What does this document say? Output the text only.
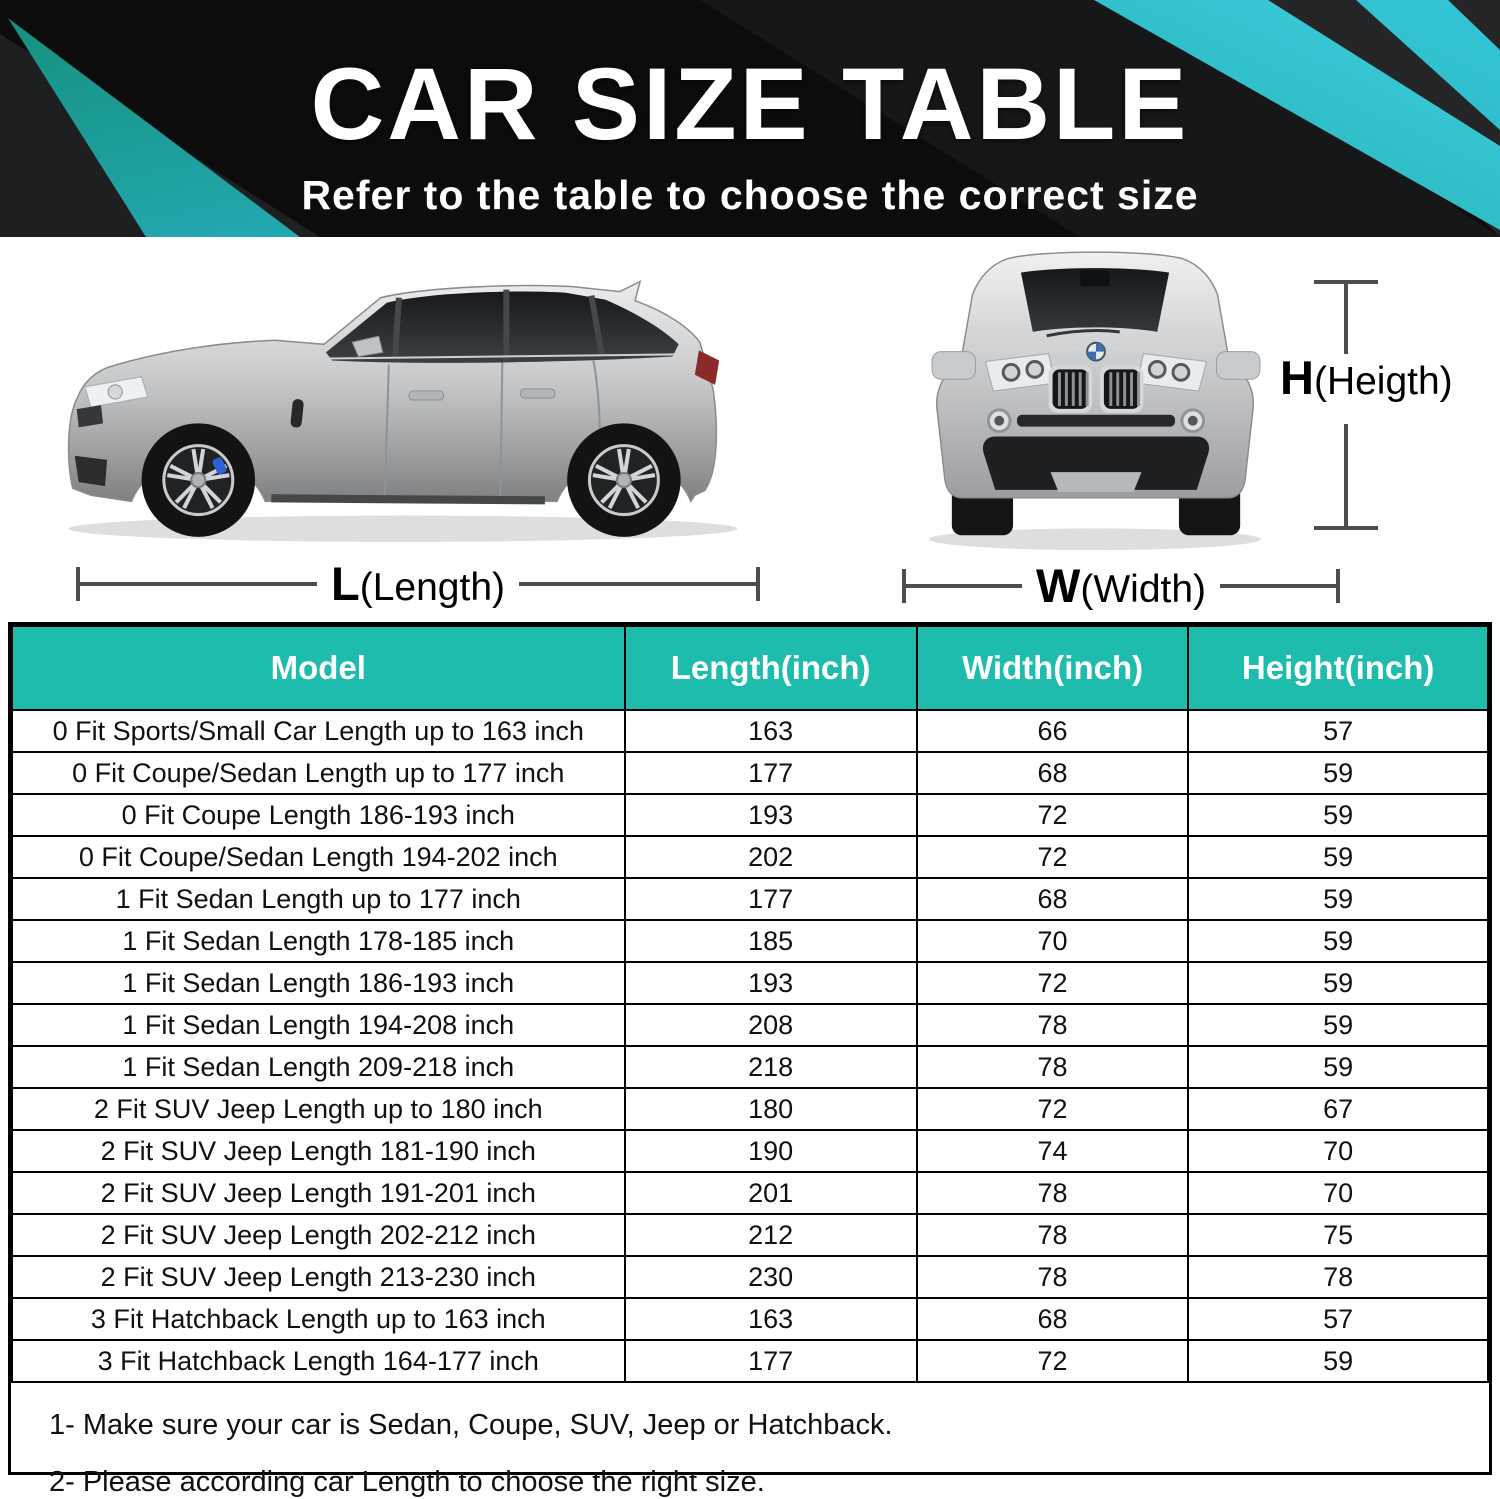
CAR SIZE TABLE

Refer to the table to choose the correct size

L(Length)	W(Width)
H(Heigth)
Model	Length(inch)	Width(inch)	Height(inch)
0 Fit Sports/Small Car Length up to 163 inch	163	66	57
0 Fit Coupe/Sedan Length up to 177 inch	177	68	59
0 Fit Coupe Length 186-193 inch	193	72	59
0 Fit Coupe/Sedan Length 194-202 inch	202	72	59
1 Fit Sedan Length up to 177 inch	177	68	59
1 Fit Sedan Length 178-185 inch	185	70	59
1 Fit Sedan Length 186-193 inch	193	72	59
1 Fit Sedan Length 194-208 inch	208	78	59
1 Fit Sedan Length 209-218 inch	218	78	59
2 Fit SUV Jeep Length up to 180 inch	180	72	67
2 Fit SUV Jeep Length 181-190 inch	190	74	70
2 Fit SUV Jeep Length 191-201 inch	201	78	70
2 Fit SUV Jeep Length 202-212 inch	212	78	75
2 Fit SUV Jeep Length 213-230 inch	230	78	78
3 Fit Hatchback Length up to 163 inch	163	68	57
3 Fit Hatchback Length 164-177 inch	177	72	59

1- Make sure your car is Sedan, Coupe, SUV, Jeep or Hatchback.

2- Please according car Length to choose the right size.
